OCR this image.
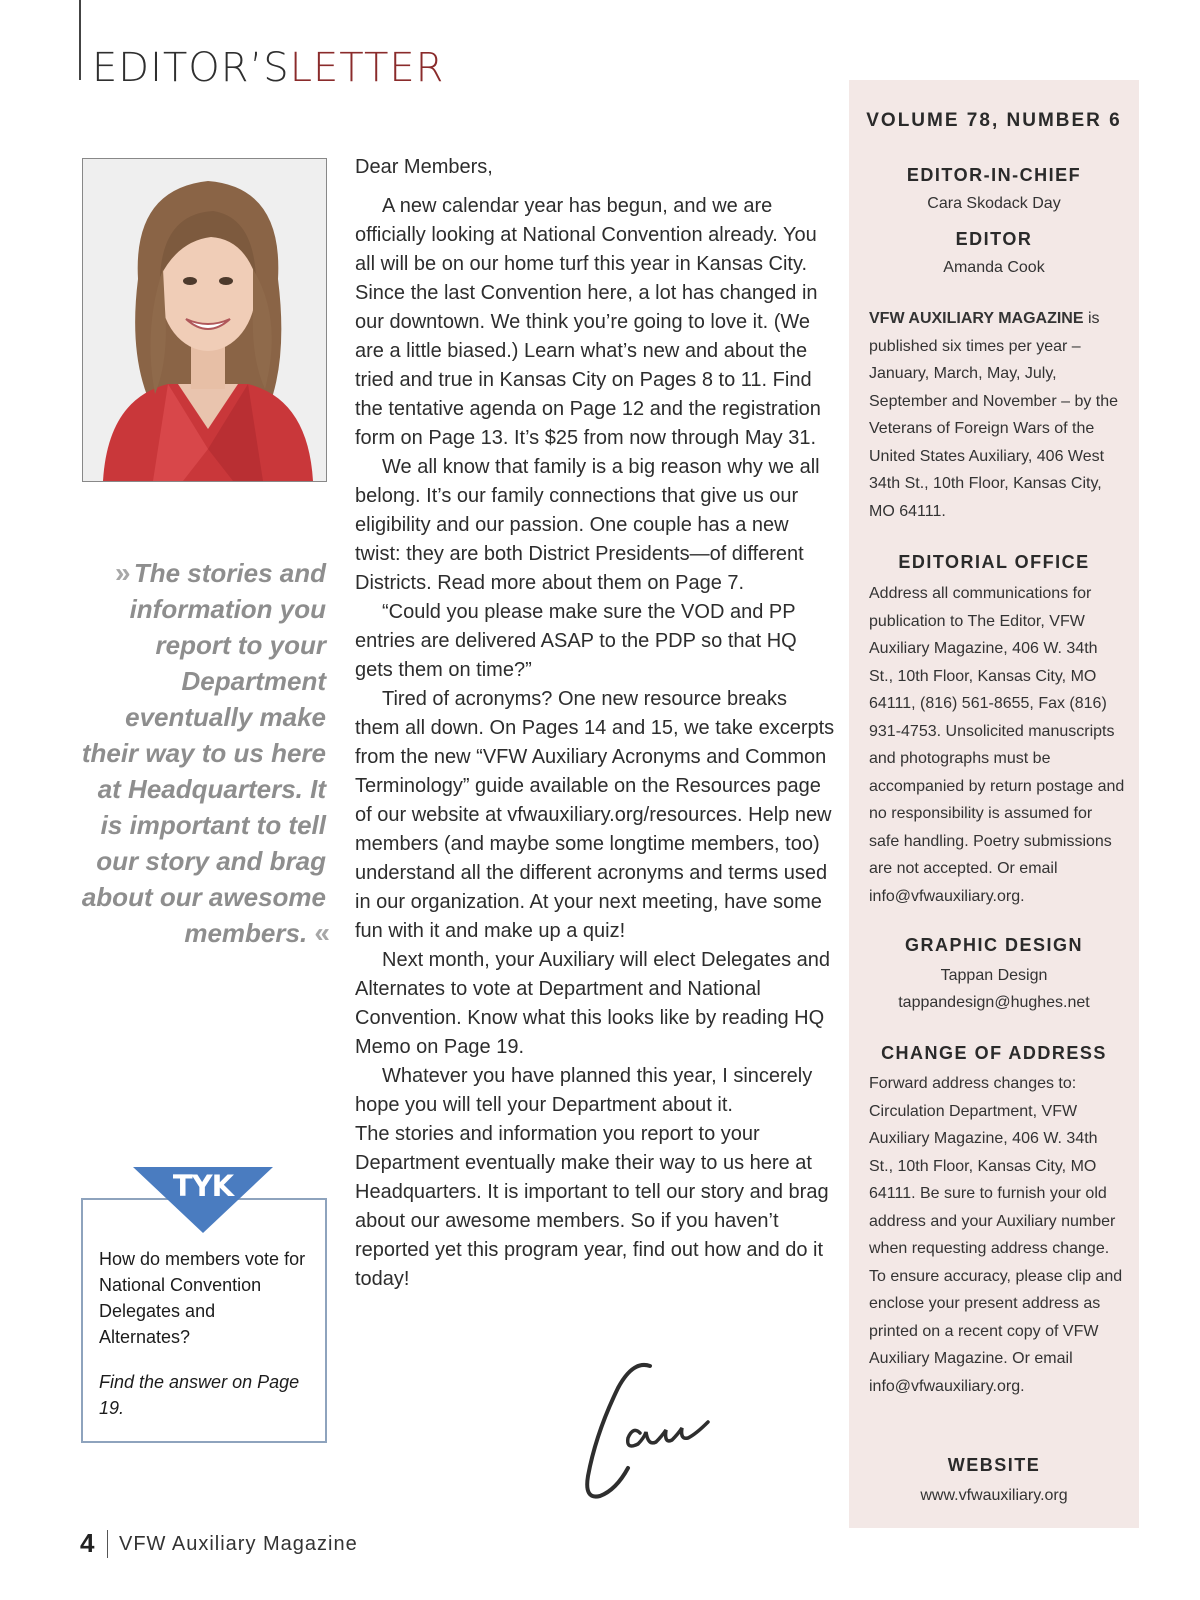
EDITOR’SLETTER

» The stories and information you report to your Department eventually make their way to us here at Headquarters. It is important to tell our story and brag about our awesome members. «

TYK

How do members vote for National Convention Delegates and Alternates?

Find the answer on Page 19.

Dear Members,

A new calendar year has begun, and we are officially looking at National Convention already. You all will be on our home turf this year in Kansas City. Since the last Convention here, a lot has changed in our downtown. We think you’re going to love it. (We are a little biased.) Learn what’s new and about the tried and true in Kansas City on Pages 8 to 11. Find the tentative agenda on Page 12 and the registration form on Page 13. It’s $25 from now through May 31.

We all know that family is a big reason why we all belong. It’s our family connections that give us our eligibility and our passion. One couple has a new twist: they are both District Presidents—of different Districts. Read more about them on Page 7.

“Could you please make sure the VOD and PP entries are delivered ASAP to the PDP so that HQ gets them on time?”

Tired of acronyms? One new resource breaks them all down. On Pages 14 and 15, we take excerpts from the new “VFW Auxiliary Acronyms and Common Terminology” guide available on the Resources page of our website at vfwauxiliary.org/resources. Help new members (and maybe some longtime members, too) understand all the different acronyms and terms used in our organization. At your next meeting, have some fun with it and make up a quiz!

Next month, your Auxiliary will elect Delegates and Alternates to vote at Department and National Convention. Know what this looks like by reading HQ Memo on Page 19.

Whatever you have planned this year, I sincerely hope you will tell your Department about it.

The stories and information you report to your Department eventually make their way to us here at Headquarters. It is important to tell our story and brag about our awesome members. So if you haven’t reported yet this program year, find out how and do it today!

VOLUME 78, NUMBER 6
EDITOR-IN-CHIEF
Cara Skodack Day
EDITOR
Amanda Cook

VFW AUXILIARY MAGAZINE is published six times per year – January, March, May, July, September and November – by the Veterans of Foreign Wars of the United States Auxiliary, 406 West 34th St., 10th Floor, Kansas City, MO 64111.

EDITORIAL OFFICE

Address all communications for publication to The Editor, VFW Auxiliary Magazine, 406 W. 34th St., 10th Floor, Kansas City, MO 64111, (816) 561-8655, Fax (816) 931-4753. Unsolicited manuscripts and photographs must be accompanied by return postage and no responsibility is assumed for safe handling. Poetry submissions are not accepted. Or email info@vfwauxiliary.org.

GRAPHIC DESIGN
Tappan Design
tappandesign@hughes.net
CHANGE OF ADDRESS

Forward address changes to: Circulation Department, VFW Auxiliary Magazine, 406 W. 34th St., 10th Floor, Kansas City, MO 64111. Be sure to furnish your old address and your Auxiliary number when requesting address change. To ensure accuracy, please clip and enclose your present address as printed on a recent copy of VFW Auxiliary Magazine. Or email info@vfwauxiliary.org.

WEBSITE
www.vfwauxiliary.org
4 VFW Auxiliary Magazine
